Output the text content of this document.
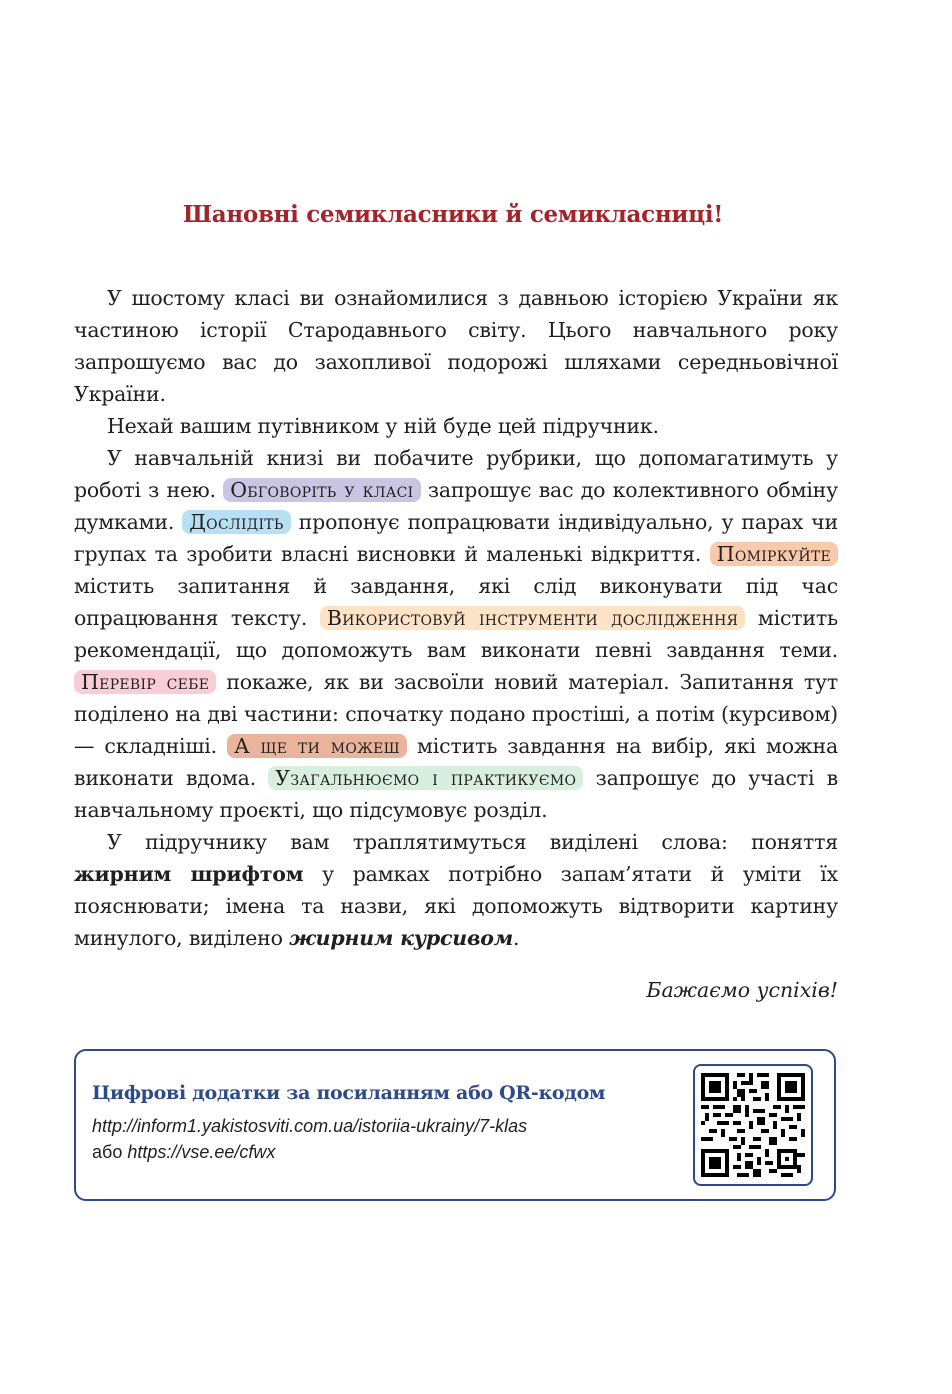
Шановні семикласники й семикласниці!

У шостому класі ви ознайомилися з давньою історією України як частиною історії Стародавнього світу. Цього навчального року запрошуємо вас до захопливої подорожі шляхами середньовічної України.

Нехай вашим путівником у ній буде цей підручник.

У навчальній книзі ви побачите рубрики, що допомагатимуть у роботі з нею. Обговоріть у класі запрошує вас до колективного обміну думками. Дослідіть пропонує попрацювати індивідуально, у парах чи групах та зробити власні висновки й маленькі відкриття. Поміркуйте містить запитання й завдання, які слід виконувати під час опрацювання тексту. Використовуй інструменти дослідження містить рекомендації, що допоможуть вам виконати певні завдання теми. Перевір себе покаже, як ви засвоїли новий матеріал. Запитання тут поділено на дві частини: спочатку подано простіші, а потім (курсивом) — складніші. А ще ти можеш містить завдання на вибір, які можна виконати вдома. Узагальнюємо і практикуємо запрошує до участі в навчальному проєкті, що підсумовує розділ.

У підручнику вам траплятимуться виділені слова: поняття жирним шрифтом у рамках потрібно запам’ятати й уміти їх пояснювати; імена та назви, які допоможуть відтворити картину минулого, виділено жирним курсивом.

Бажаємо успіхів!
Цифрові додатки за посиланням або QR-кодом
http://inform1.yakistosviti.com.ua/istoriia-ukrainy/7-klas
або https://vse.ee/cfwx
